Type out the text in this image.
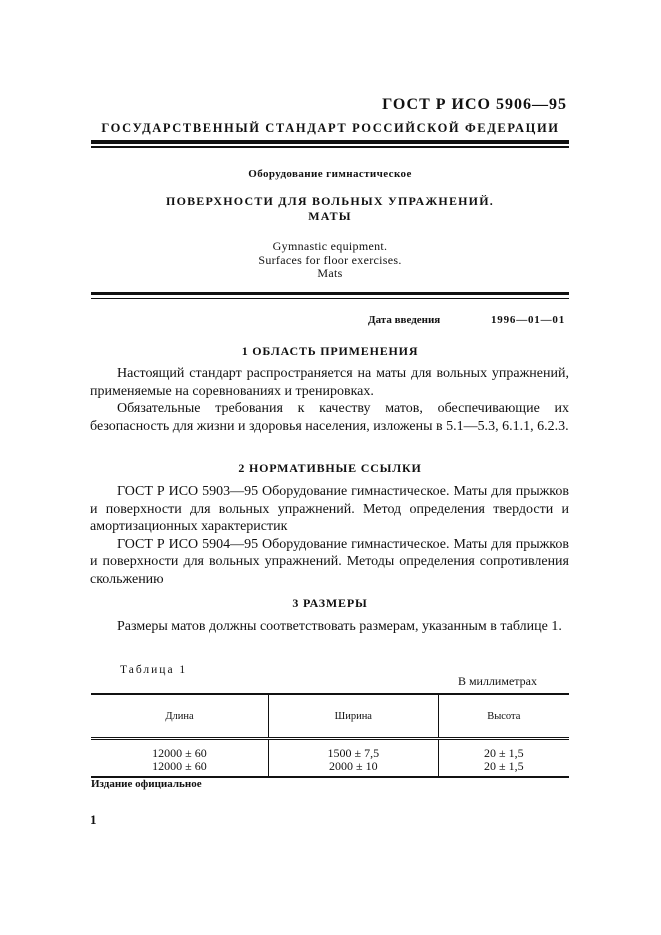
ГОСТ Р ИСО 5906—95
ГОСУДАРСТВЕННЫЙ СТАНДАРТ РОССИЙСКОЙ ФЕДЕРАЦИИ
Оборудование гимнастическое
ПОВЕРХНОСТИ ДЛЯ ВОЛЬНЫХ УПРАЖНЕНИЙ.
МАТЫ
Gymnastic equipment.
Surfaces for floor exercises.
Mats
Дата введения	1996—01—01
1 ОБЛАСТЬ ПРИМЕНЕНИЯ

Настоящий стандарт распространяется на маты для вольных упражнений, применяемые на соревнованиях и тренировках.

Обязательные требования к качеству матов, обеспечивающие их безопасность для жизни и здоровья населения, изложены в 5.1—5.3, 6.1.1, 6.2.3.

2 НОРМАТИВНЫЕ ССЫЛКИ

ГОСТ Р ИСО 5903—95 Оборудование гимнастическое. Маты для прыжков и поверхности для вольных упражнений. Метод определения твердости и амортизационных характеристик

ГОСТ Р ИСО 5904—95 Оборудование гимнастическое. Маты для прыжков и поверхности для вольных упражнений. Методы определения сопротивления скольжению

3 РАЗМЕРЫ

Размеры матов должны соответствовать размерам, указанным в таблице 1.

Таблица 1
В миллиметрах
Длина	Ширина	Высота
12000 ± 60	1500 ± 7,5	20 ± 1,5
12000 ± 60	2000 ± 10	20 ± 1,5
Издание официальное
1
